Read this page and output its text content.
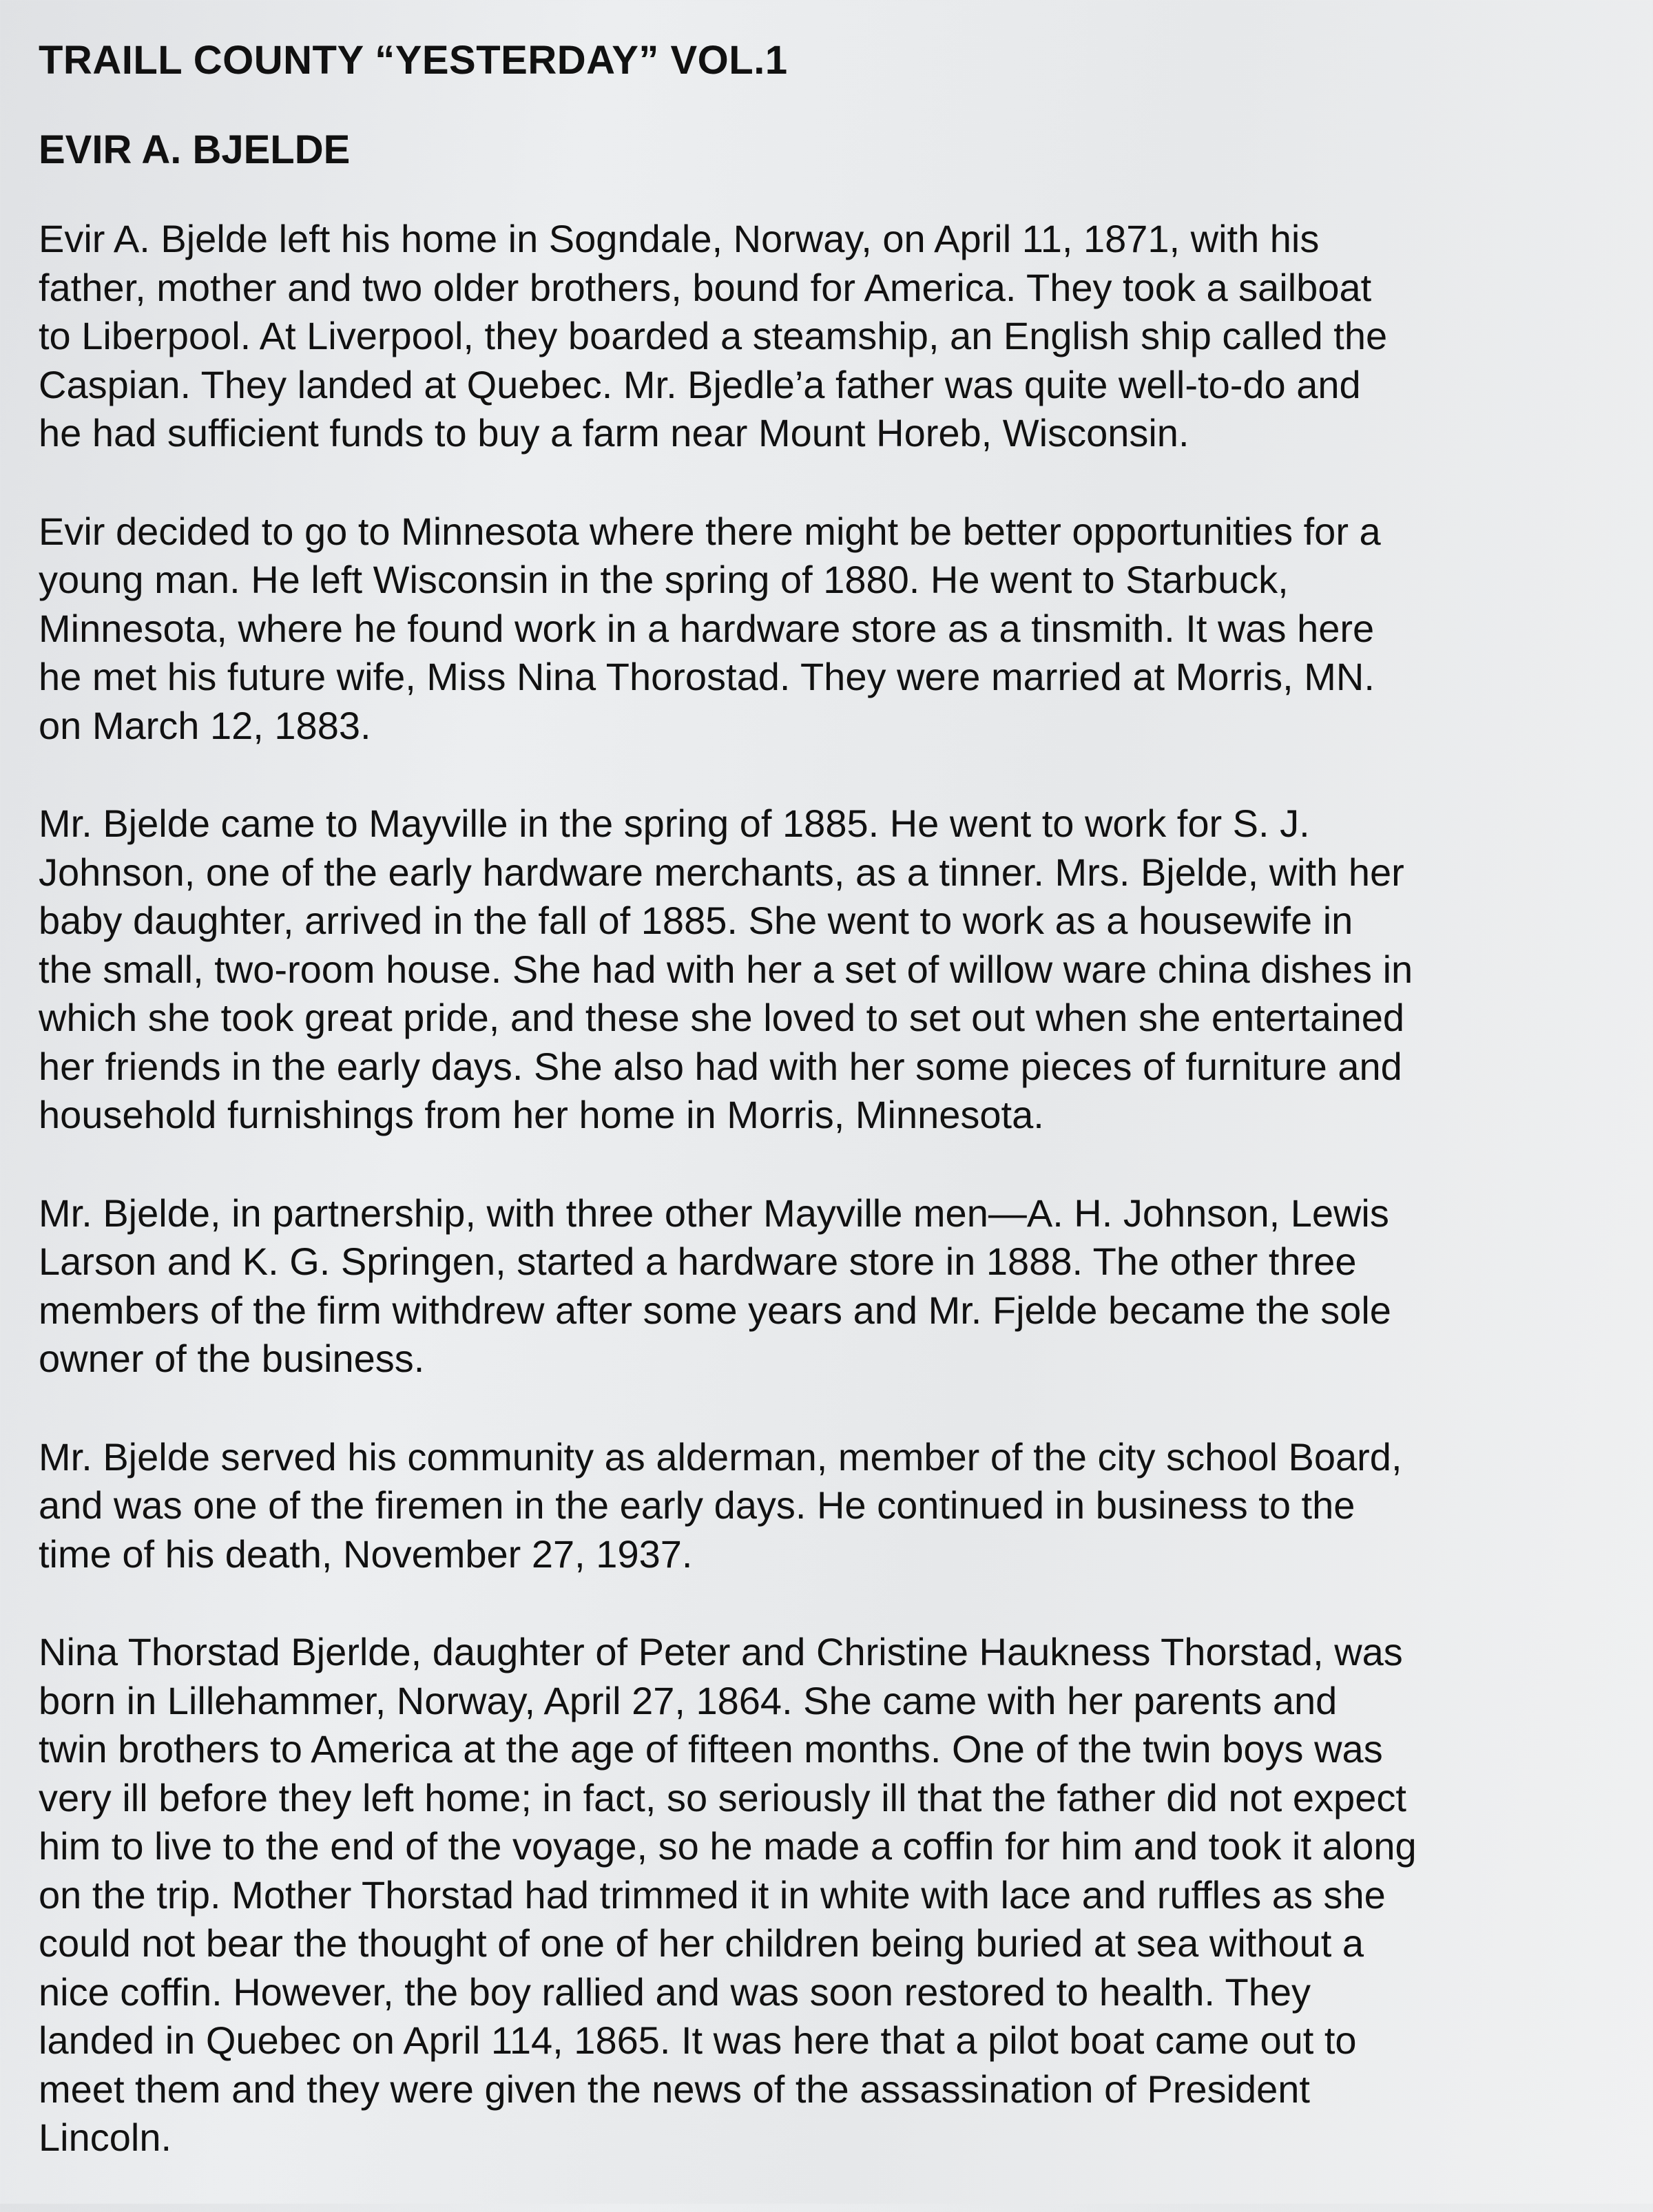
TRAILL COUNTY “YESTERDAY” VOL.1
EVIR A. BJELDE

Evir A. Bjelde left his home in Sogndale, Norway, on April 11, 1871, with his
father, mother and two older brothers, bound for America. They took a sailboat
to Liberpool. At Liverpool, they boarded a steamship, an English ship called the
Caspian. They landed at Quebec. Mr. Bjedle’a father was quite well-to-do and
he had sufficient funds to buy a farm near Mount Horeb, Wisconsin.

Evir decided to go to Minnesota where there might be better opportunities for a
young man. He left Wisconsin in the spring of 1880. He went to Starbuck,
Minnesota, where he found work in a hardware store as a tinsmith. It was here
he met his future wife, Miss Nina Thorostad. They were married at Morris, MN.
on March 12, 1883.

Mr. Bjelde came to Mayville in the spring of 1885. He went to work for S. J.
Johnson, one of the early hardware merchants, as a tinner. Mrs. Bjelde, with her
baby daughter, arrived in the fall of 1885. She went to work as a housewife in
the small, two-room house. She had with her a set of willow ware china dishes in
which she took great pride, and these she loved to set out when she entertained
her friends in the early days. She also had with her some pieces of furniture and
household furnishings from her home in Morris, Minnesota.

Mr. Bjelde, in partnership, with three other Mayville men—A. H. Johnson, Lewis
Larson and K. G. Springen, started a hardware store in 1888. The other three
members of the firm withdrew after some years and Mr. Fjelde became the sole
owner of the business.

Mr. Bjelde served his community as alderman, member of the city school Board,
and was one of the firemen in the early days. He continued in business to the
time of his death, November 27, 1937.

Nina Thorstad Bjerlde, daughter of Peter and Christine Haukness Thorstad, was
born in Lillehammer, Norway, April 27, 1864. She came with her parents and
twin brothers to America at the age of fifteen months. One of the twin boys was
very ill before they left home; in fact, so seriously ill that the father did not expect
him to live to the end of the voyage, so he made a coffin for him and took it along
on the trip. Mother Thorstad had trimmed it in white with lace and ruffles as she
could not bear the thought of one of her children being buried at sea without a
nice coffin. However, the boy rallied and was soon restored to health. They
landed in Quebec on April 114, 1865. It was here that a pilot boat came out to
meet them and they were given the news of the assassination of President
Lincoln.
